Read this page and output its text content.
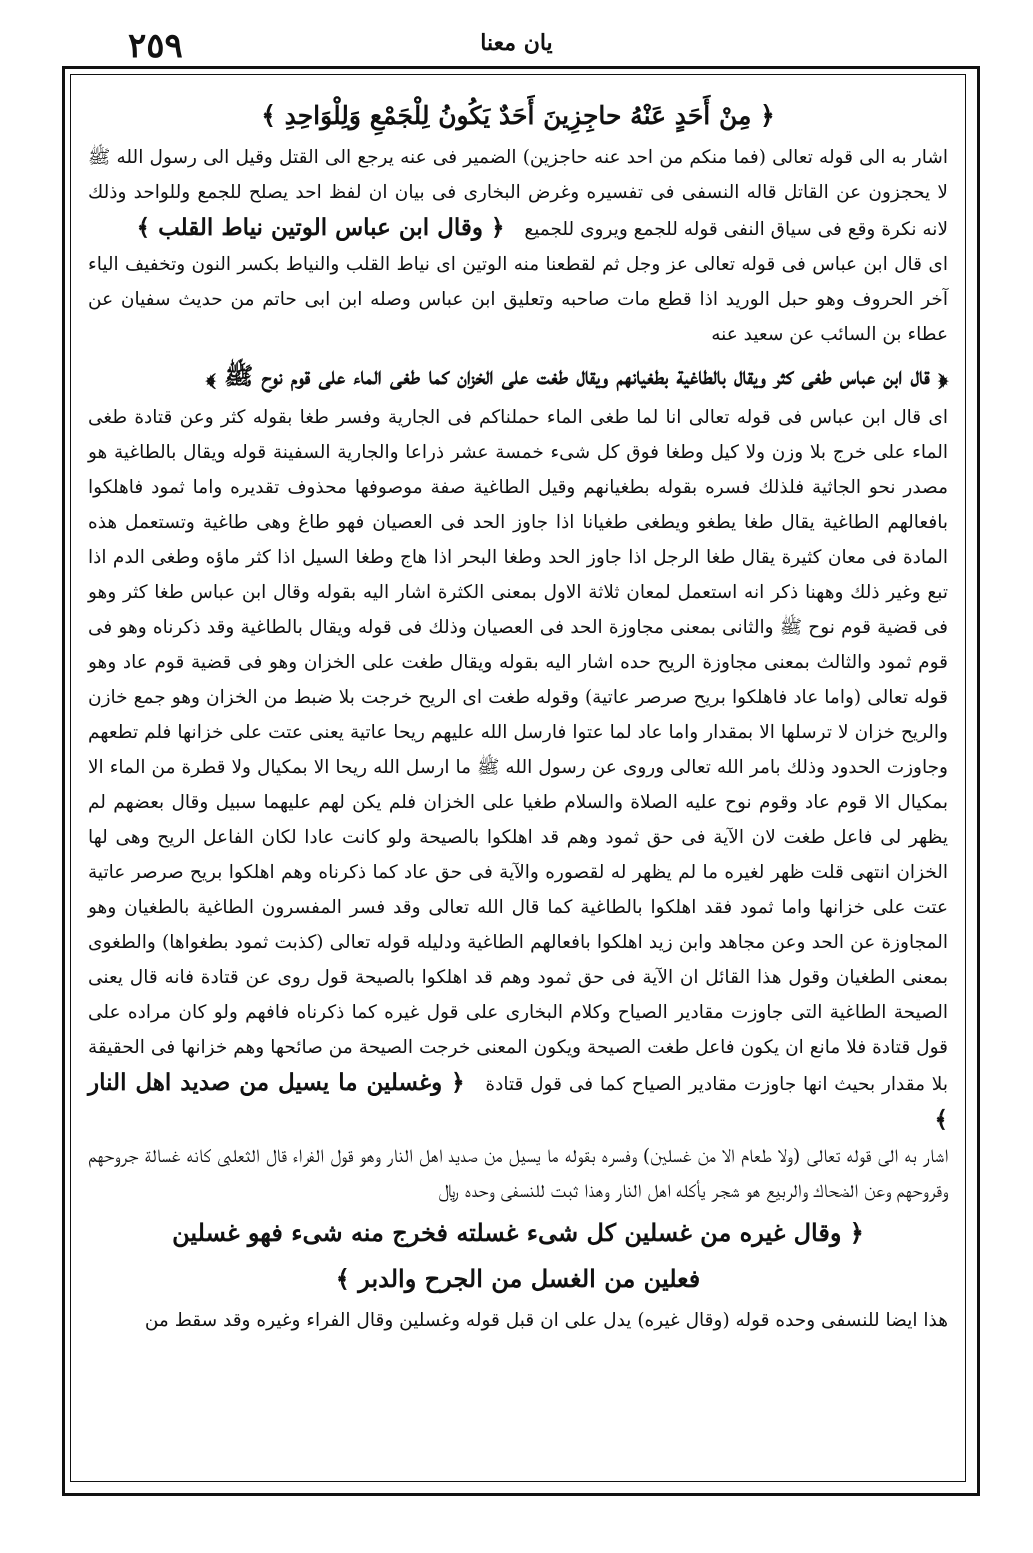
٢٥٩	يان معنا

﴿ مِنْ أَحَدٍ عَنْهُ حاجِزِينَ أَحَدٌ يَكُونُ لِلْجَمْعِ وَلِلْوَاحِدِ ﴾

اشار به الى قوله تعالى (فما منكم من احد عنه حاجزين) الضمير فى عنه يرجع الى القتل وقيل الى رسول الله ﷺ لا يحجزون عن القاتل قاله النسفى فى تفسيره وغرض البخارى فى بيان ان لفظ احد يصلح للجمع وللواحد وذلك لانه نكرة وقع فى سياق النفى قوله للجمع ويروى للجميع ﴿ وقال ابن عباس الوتين نياط القلب ﴾

اى قال ابن عباس فى قوله تعالى عز وجل ثم لقطعنا منه الوتين اى نياط القلب والنياط بكسر النون وتخفيف الياء آخر الحروف وهو حبل الوريد اذا قطع مات صاحبه وتعليق ابن عباس وصله ابن ابى حاتم من حديث سفيان عن عطاء بن السائب عن سعيد عنه

﴿ قال ابن عباس طغى كثر ويقال بالطاغية بطغيانهم ويقال طغت على الخزان كما طغى الماء على قوم نوح ﷺ ﴾

اى قال ابن عباس فى قوله تعالى انا لما طغى الماء حملناكم فى الجارية وفسر طغا بقوله كثر وعن قتادة طغى الماء على خرج بلا وزن ولا كيل وطغا فوق كل شىء خمسة عشر ذراعا والجارية السفينة قوله ويقال بالطاغية هو مصدر نحو الجاثية فلذلك فسره بقوله بطغيانهم وقيل الطاغية صفة موصوفها محذوف تقديره واما ثمود فاهلكوا بافعالهم الطاغية يقال طغا يطغو ويطغى طغيانا اذا جاوز الحد فى العصيان فهو طاغ وهى طاغية وتستعمل هذه المادة فى معان كثيرة يقال طغا الرجل اذا جاوز الحد وطغا البحر اذا هاج وطغا السيل اذا كثر ماؤه وطغى الدم اذا تبع وغير ذلك وههنا ذكر انه استعمل لمعان ثلاثة الاول بمعنى الكثرة اشار اليه بقوله وقال ابن عباس طغا كثر وهو فى قضية قوم نوح ﷺ والثانى بمعنى مجاوزة الحد فى العصيان وذلك فى قوله ويقال بالطاغية وقد ذكرناه وهو فى قوم ثمود والثالث بمعنى مجاوزة الريح حده اشار اليه بقوله ويقال طغت على الخزان وهو فى قضية قوم عاد وهو قوله تعالى (واما عاد فاهلكوا بريح صرصر عاتية) وقوله طغت اى الريح خرجت بلا ضبط من الخزان وهو جمع خازن والريح خزان لا ترسلها الا بمقدار واما عاد لما عتوا فارسل الله عليهم ريحا عاتية يعنى عتت على خزانها فلم تطعهم وجاوزت الحدود وذلك بامر الله تعالى وروى عن رسول الله ﷺ ما ارسل الله ريحا الا بمكيال ولا قطرة من الماء الا بمكيال الا قوم عاد وقوم نوح عليه الصلاة والسلام طغيا على الخزان فلم يكن لهم عليهما سبيل وقال بعضهم لم يظهر لى فاعل طغت لان الآية فى حق ثمود وهم قد اهلكوا بالصيحة ولو كانت عادا لكان الفاعل الريح وهى لها الخزان انتهى قلت ظهر لغيره ما لم يظهر له لقصوره والآية فى حق عاد كما ذكرناه وهم اهلكوا بريح صرصر عاتية عتت على خزانها واما ثمود فقد اهلكوا بالطاغية كما قال الله تعالى وقد فسر المفسرون الطاغية بالطغيان وهو المجاوزة عن الحد وعن مجاهد وابن زيد اهلكوا بافعالهم الطاغية ودليله قوله تعالى (كذبت ثمود بطغواها) والطغوى بمعنى الطغيان وقول هذا القائل ان الآية فى حق ثمود وهم قد اهلكوا بالصيحة قول روى عن قتادة فانه قال يعنى الصيحة الطاغية التى جاوزت مقادير الصياح وكلام البخارى على قول غيره كما ذكرناه فافهم ولو كان مراده على قول قتادة فلا مانع ان يكون فاعل طغت الصيحة ويكون المعنى خرجت الصيحة من صائحها وهم خزانها فى الحقيقة بلا مقدار بحيث انها جاوزت مقادير الصياح كما فى قول قتادة ﴿ وغسلين ما يسيل من صديد اهل النار ﴾

اشار به الى قوله تعالى (ولا طعام الا من غسلين) وفسره بقوله ما يسيل من صديد اهل النار وهو قول الفراء قال الثعلبى كانه غسالة جروحهم وقروحهم وعن الضحاك والربيع هو شجر يأكله اهل النار وهذا ثبت للنسفى وحده ﷼

﴿ وقال غيره من غسلين كل شىء غسلته فخرج منه شىء فهو غسلين

فعلين من الغسل من الجرح والدبر ﴾

هذا ايضا للنسفى وحده قوله (وقال غيره) يدل على ان قبل قوله وغسلين وقال الفراء وغيره وقد سقط من
